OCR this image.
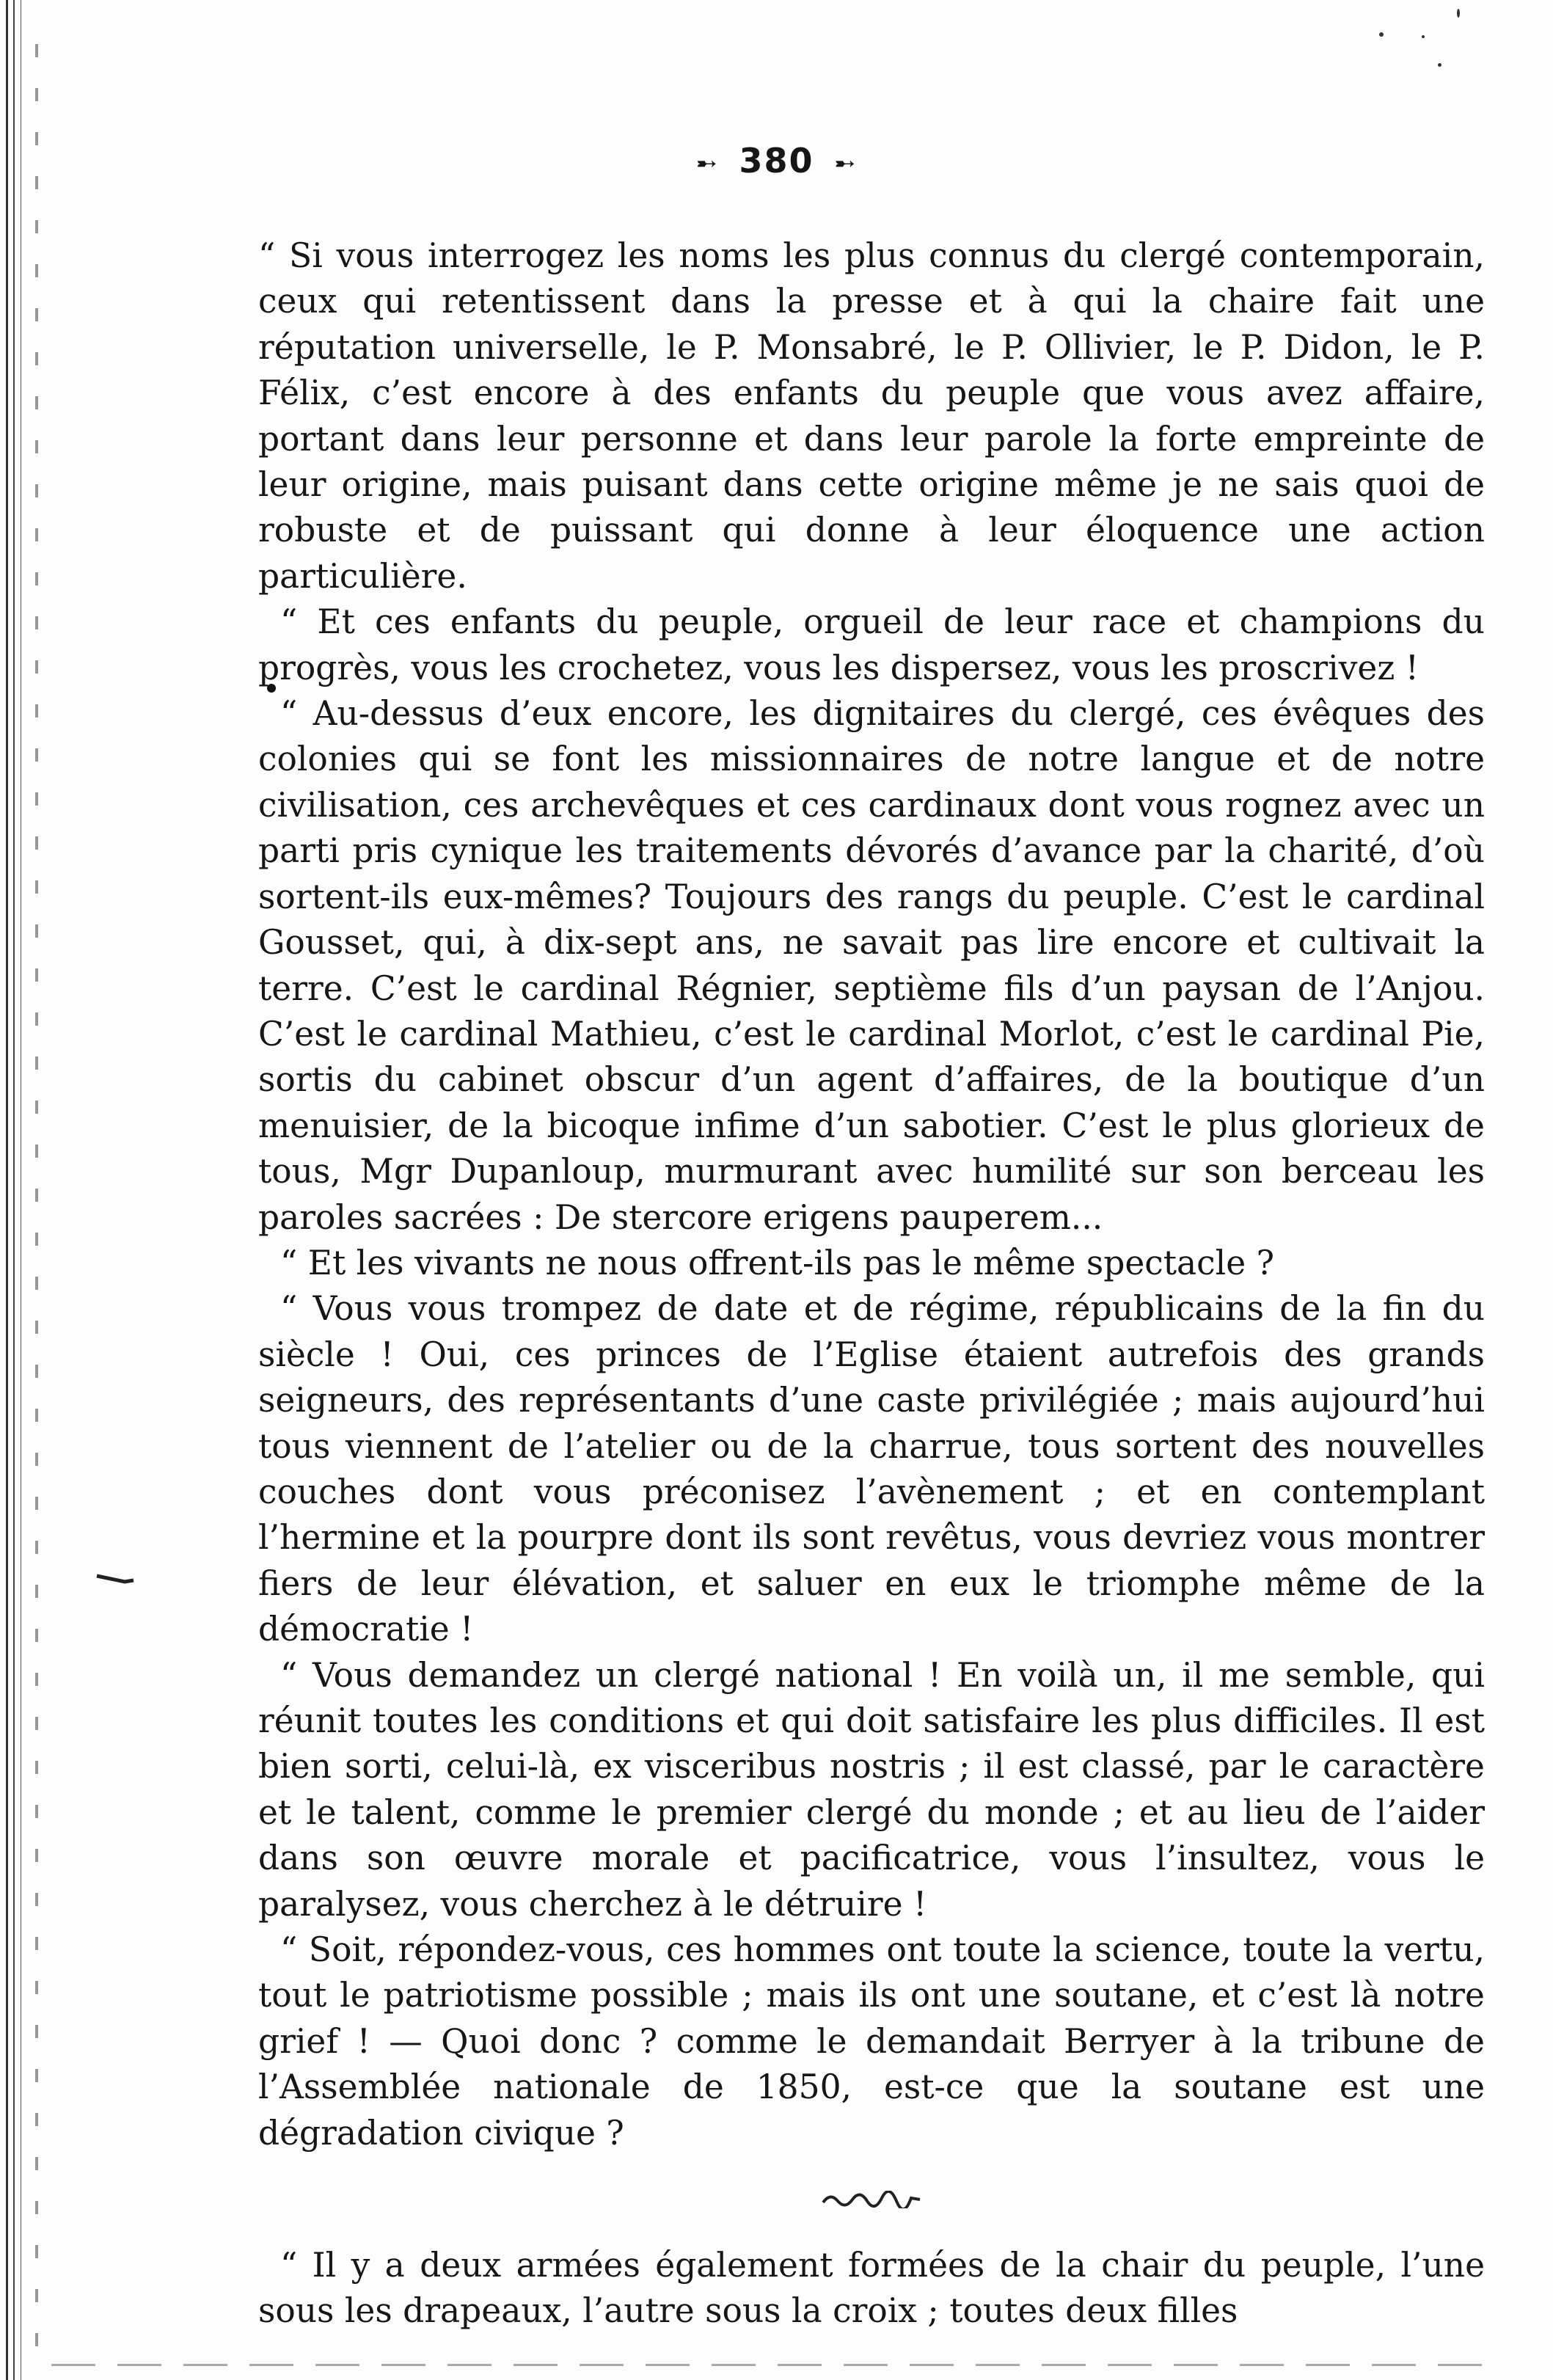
➸ 380 ➸

“ Si vous interrogez les noms les plus connus du clergé contemporain, ceux qui retentissent dans la presse et à qui la chaire fait une réputation universelle, le P. Monsabré, le P. Ollivier, le P. Didon, le P. Félix, c’est encore à des enfants du peuple que vous avez affaire, portant dans leur personne et dans leur parole la forte empreinte de leur origine, mais puisant dans cette origine même je ne sais quoi de robuste et de puissant qui donne à leur éloquence une action particulière.

“ Et ces enfants du peuple, orgueil de leur race et champions du progrès, vous les crochetez, vous les dispersez, vous les proscrivez !

“ Au-dessus d’eux encore, les dignitaires du clergé, ces évêques des colonies qui se font les missionnaires de notre langue et de notre civilisation, ces archevêques et ces cardinaux dont vous rognez avec un parti pris cynique les traitements dévorés d’avance par la charité, d’où sortent-ils eux-mêmes? Toujours des rangs du peuple. C’est le cardinal Gousset, qui, à dix-sept ans, ne savait pas lire encore et cultivait la terre. C’est le cardinal Régnier, septième fils d’un paysan de l’Anjou. C’est le cardinal Mathieu, c’est le cardinal Morlot, c’est le cardinal Pie, sortis du cabinet obscur d’un agent d’affaires, de la boutique d’un menuisier, de la bicoque infime d’un sabotier. C’est le plus glorieux de tous, Mgr Dupanloup, murmurant avec humilité sur son berceau les paroles sacrées : De stercore erigens pauperem...

“ Et les vivants ne nous offrent-ils pas le même spectacle ?

“ Vous vous trompez de date et de régime, républicains de la fin du siècle ! Oui, ces princes de l’Eglise étaient autrefois des grands seigneurs, des représentants d’une caste privilégiée ; mais aujourd’hui tous viennent de l’atelier ou de la charrue, tous sortent des nouvelles couches dont vous préconisez l’avènement ; et en contemplant l’hermine et la pourpre dont ils sont revêtus, vous devriez vous montrer fiers de leur élévation, et saluer en eux le triomphe même de la démocratie !

“ Vous demandez un clergé national ! En voilà un, il me semble, qui réunit toutes les conditions et qui doit satisfaire les plus difficiles. Il est bien sorti, celui-là, ex visceribus nostris ; il est classé, par le caractère et le talent, comme le premier clergé du monde ; et au lieu de l’aider dans son œuvre morale et pacificatrice, vous l’insultez, vous le paralysez, vous cherchez à le détruire !

“ Soit, répondez-vous, ces hommes ont toute la science, toute la vertu, tout le patriotisme possible ; mais ils ont une soutane, et c’est là notre grief ! — Quoi donc ? comme le demandait Berryer à la tribune de l’Assemblée nationale de 1850, est-ce que la soutane est une dégradation civique ?

“ Il y a deux armées également formées de la chair du peuple, l’une sous les drapeaux, l’autre sous la croix ; toutes deux filles
